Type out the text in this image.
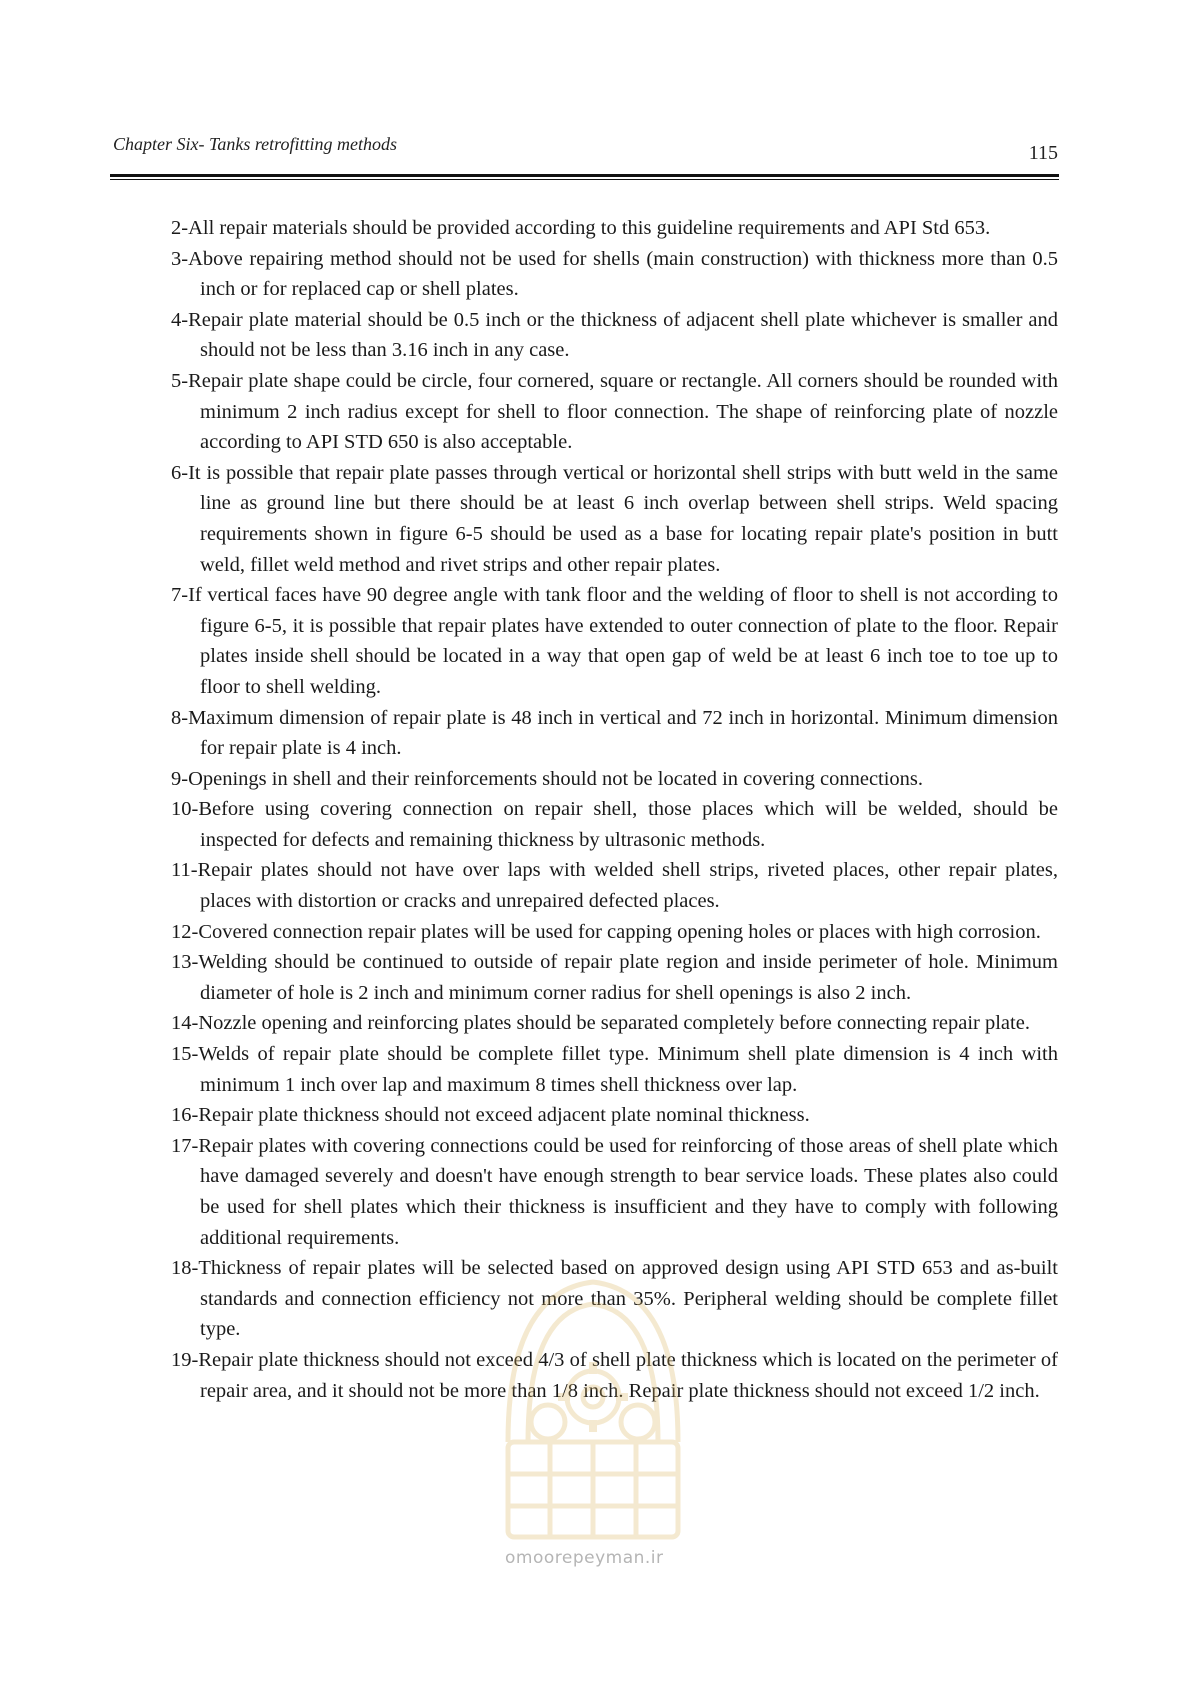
Chapter Six- Tanks retrofitting methods	115

2-All repair materials should be provided according to this guideline requirements and API Std 653.

3-Above repairing method should not be used for shells (main construction) with thickness more than 0.5 inch or for replaced cap or shell plates.

4-Repair plate material should be 0.5 inch or the thickness of adjacent shell plate whichever is smaller and should not be less than 3.16 inch in any case.

5-Repair plate shape could be circle, four cornered, square or rectangle. All corners should be rounded with minimum 2 inch radius except for shell to floor connection. The shape of reinforcing plate of nozzle according to API STD 650 is also acceptable.

6-It is possible that repair plate passes through vertical or horizontal shell strips with butt weld in the same line as ground line but there should be at least 6 inch overlap between shell strips. Weld spacing requirements shown in figure 6-5 should be used as a base for locating repair plate's position in butt weld, fillet weld method and rivet strips and other repair plates.

7-If vertical faces have 90 degree angle with tank floor and the welding of floor to shell is not according to figure 6-5, it is possible that repair plates have extended to outer connection of plate to the floor. Repair plates inside shell should be located in a way that open gap of weld be at least 6 inch toe to toe up to floor to shell welding.

8-Maximum dimension of repair plate is 48 inch in vertical and 72 inch in horizontal. Minimum dimension for repair plate is 4 inch.

9-Openings in shell and their reinforcements should not be located in covering connections.

10-Before using covering connection on repair shell, those places which will be welded, should be inspected for defects and remaining thickness by ultrasonic methods.

11-Repair plates should not have over laps with welded shell strips, riveted places, other repair plates, places with distortion or cracks and unrepaired defected places.

12-Covered connection repair plates will be used for capping opening holes or places with high corrosion.

13-Welding should be continued to outside of repair plate region and inside perimeter of hole. Minimum diameter of hole is 2 inch and minimum corner radius for shell openings is also 2 inch.

14-Nozzle opening and reinforcing plates should be separated completely before connecting repair plate.

15-Welds of repair plate should be complete fillet type. Minimum shell plate dimension is 4 inch with minimum 1 inch over lap and maximum 8 times shell thickness over lap.

16-Repair plate thickness should not exceed adjacent plate nominal thickness.

17-Repair plates with covering connections could be used for reinforcing of those areas of shell plate which have damaged severely and doesn't have enough strength to bear service loads. These plates also could be used for shell plates which their thickness is insufficient and they have to comply with following additional requirements.

18-Thickness of repair plates will be selected based on approved design using API STD 653 and as-built standards and connection efficiency not more than 35%. Peripheral welding should be complete fillet type.

19-Repair plate thickness should not exceed 4/3 of shell plate thickness which is located on the perimeter of repair area, and it should not be more than 1/8 inch. Repair plate thickness should not exceed 1/2 inch.

omoorepeyman.ir
